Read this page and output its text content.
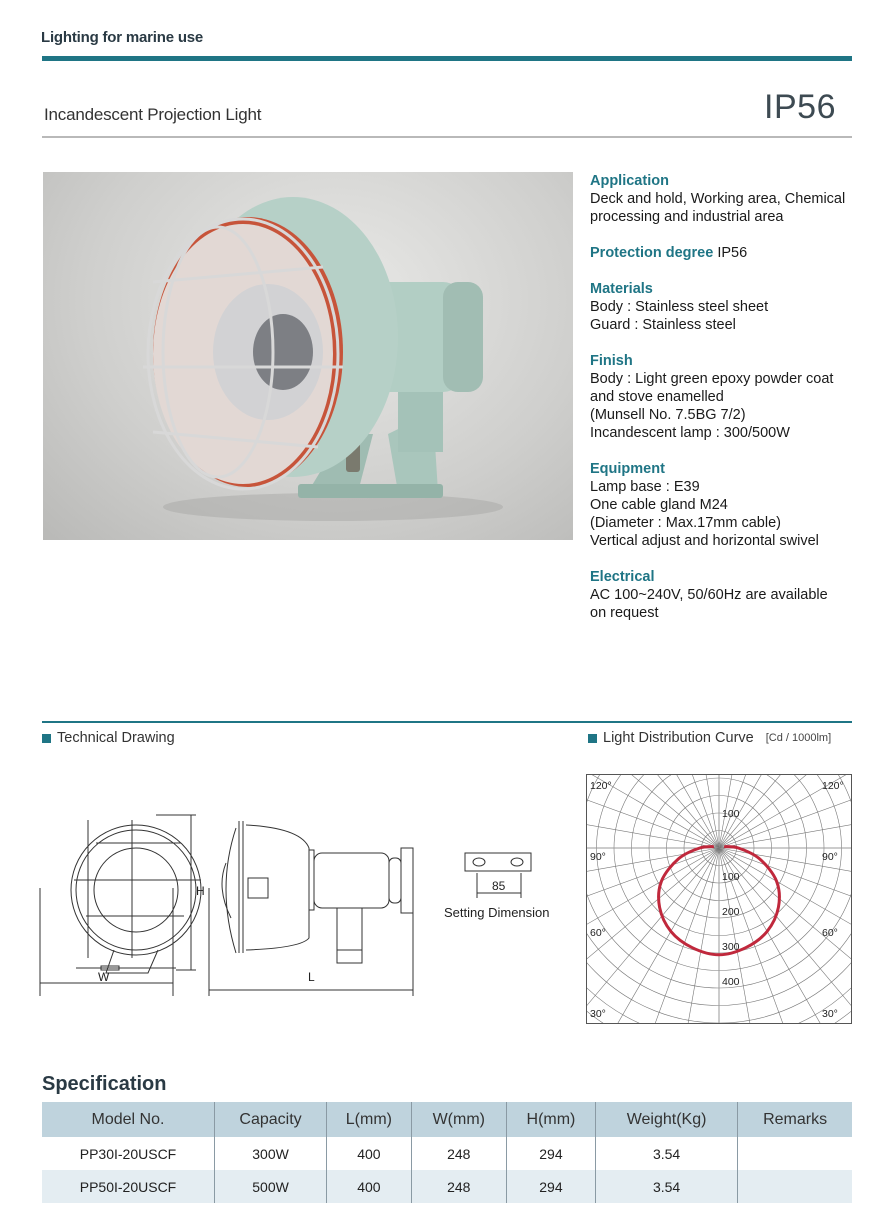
Lighting for marine use
Incandescent Projection Light	IP56
Application
Deck and hold, Working area, Chemical
processing and industrial area
Protection degree IP56
Materials
Body : Stainless steel sheet
Guard : Stainless steel
Finish
Body : Light green epoxy powder coat
and stove enamelled
(Munsell No. 7.5BG 7/2)
Incandescent lamp : 300/500W
Equipment
Lamp base : E39
One cable gland M24
(Diameter : Max.17mm cable)
Vertical adjust and horizontal swivel
Electrical
AC 100~240V, 50/60Hz are available
on request
Technical Drawing	Light Distribution Curve [Cd / 1000lm]
H
W	L
85
Setting Dimension
100
200
300
400
100
120°	120°
90°	90°
60°	60°
30°	30°
Specification
Model No.	Capacity	L(mm)	W(mm)	H(mm)	Weight(Kg)	Remarks
PP30I-20USCF	300W	400	248	294	3.54	
PP50I-20USCF	500W	400	248	294	3.54	
